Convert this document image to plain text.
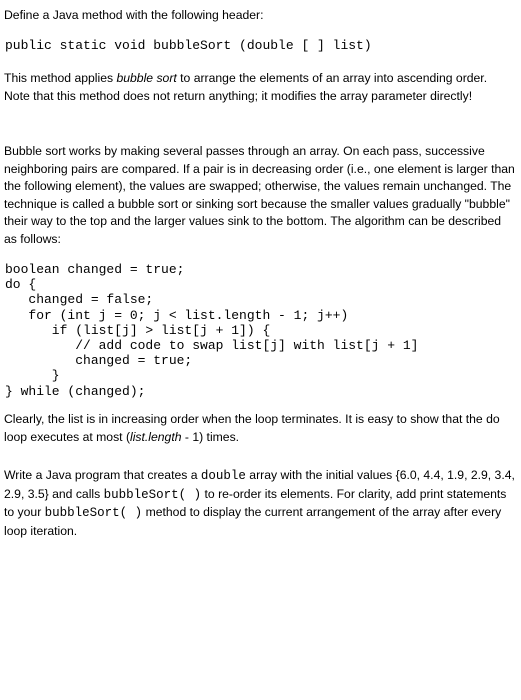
Define a Java method with the following header:

public static void bubbleSort (double [ ] list)

This method applies bubble sort to arrange the elements of an array into ascending order. Note that this method does not return anything; it modifies the array parameter directly!

Bubble sort works by making several passes through an array. On each pass, successive neighboring pairs are compared. If a pair is in decreasing order (i.e., one element is larger than the following element), the values are swapped; otherwise, the values remain unchanged. The technique is called a bubble sort or sinking sort because the smaller values gradually "bubble" their way to the top and the larger values sink to the bottom. The algorithm can be described as follows:

boolean changed = true;

do {

changed = false;

for (int j = 0; j < list.length - 1; j++)

if (list[j] > list[j + 1]) {

// add code to swap list[j] with list[j + 1]

changed = true;

}

} while (changed);

Clearly, the list is in increasing order when the loop terminates. It is easy to show that the do loop executes at most (list.length - 1) times.

Write a Java program that creates a double array with the initial values {6.0, 4.4, 1.9, 2.9, 3.4, 2.9, 3.5} and calls bubbleSort( ) to re-order its elements. For clarity, add print statements to your bubbleSort( ) method to display the current arrangement of the array after every loop iteration.
